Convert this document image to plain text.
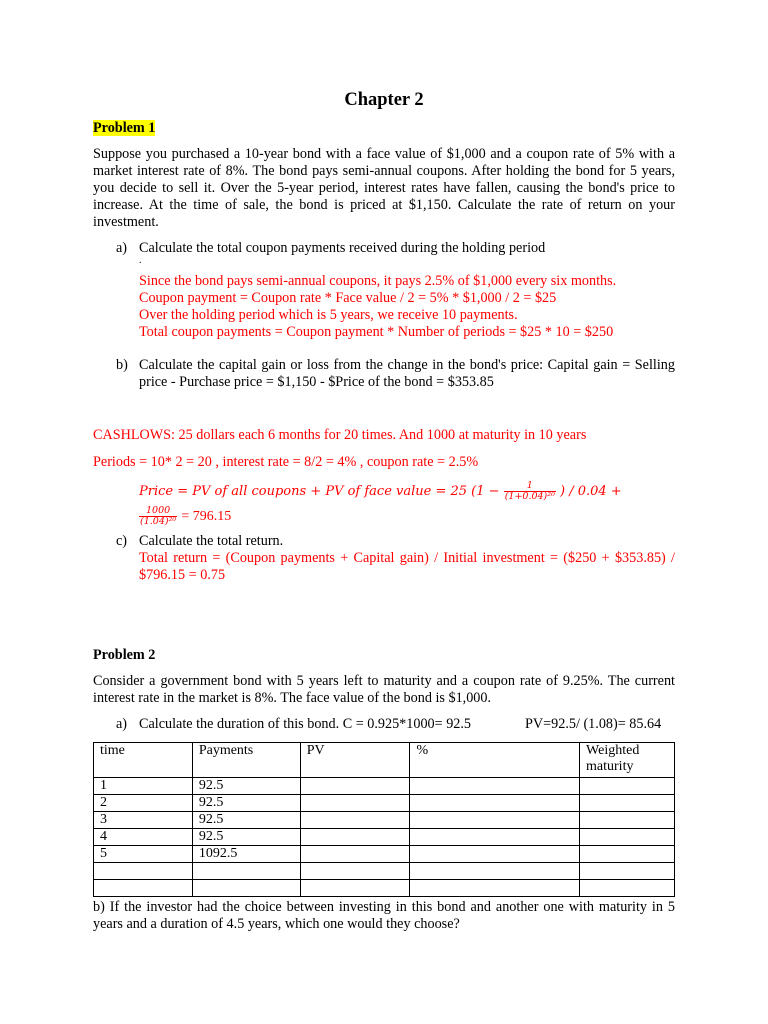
Chapter 2
Problem 1
Suppose you purchased a 10-year bond with a face value of $1,000 and a coupon rate of 5% with a market interest rate of 8%. The bond pays semi-annual coupons. After holding the bond for 5 years, you decide to sell it. Over the 5-year period, interest rates have fallen, causing the bond's price to increase. At the time of sale, the bond is priced at $1,150. Calculate the rate of return on your investment.
a) Calculate the total coupon payments received during the holding period
.
Since the bond pays semi-annual coupons, it pays 2.5% of $1,000 every six months.
Coupon payment = Coupon rate * Face value / 2 = 5% * $1,000 / 2 = $25
Over the holding period which is 5 years, we receive 10 payments.
Total coupon payments = Coupon payment * Number of periods = $25 * 10 = $250
b) Calculate the capital gain or loss from the change in the bond's price: Capital gain = Selling price - Purchase price = $1,150 - $Price of the bond = $353.85
CASHLOWS: 25 dollars each 6 months for 20 times. And 1000 at maturity in 10 years
Periods = 10* 2 = 20 , interest rate = 8/2 = 4% , coupon rate = 2.5%
Price = PV of all coupons + PV of face value = 25 ($1 - \frac{1}{\text{(1+0.04)²⁰}}$ ) / 0.04 +
$\frac{1000}{\text{(1.04)²⁰}} = 796.15$
c) Calculate the total return.
Total return = (Coupon payments + Capital gain) / Initial investment = ($250 + $353.85) / $796.15 = 0.75
Problem 2
Consider a government bond with 5 years left to maturity and a coupon rate of 9.25%. The current interest rate in the market is 8%. The face value of the bond is $1,000.
a) Calculate the duration of this bond. C = 0.925*1000= 92.5	PV=92.5/ (1.08)= 85.64
time	Payments	PV	%	Weighted maturity
1	92.5			
2	92.5			
3	92.5			
4	92.5			
5	1092.5			

b) If the investor had the choice between investing in this bond and another one with maturity in 5 years and a duration of 4.5 years, which one would they choose?
